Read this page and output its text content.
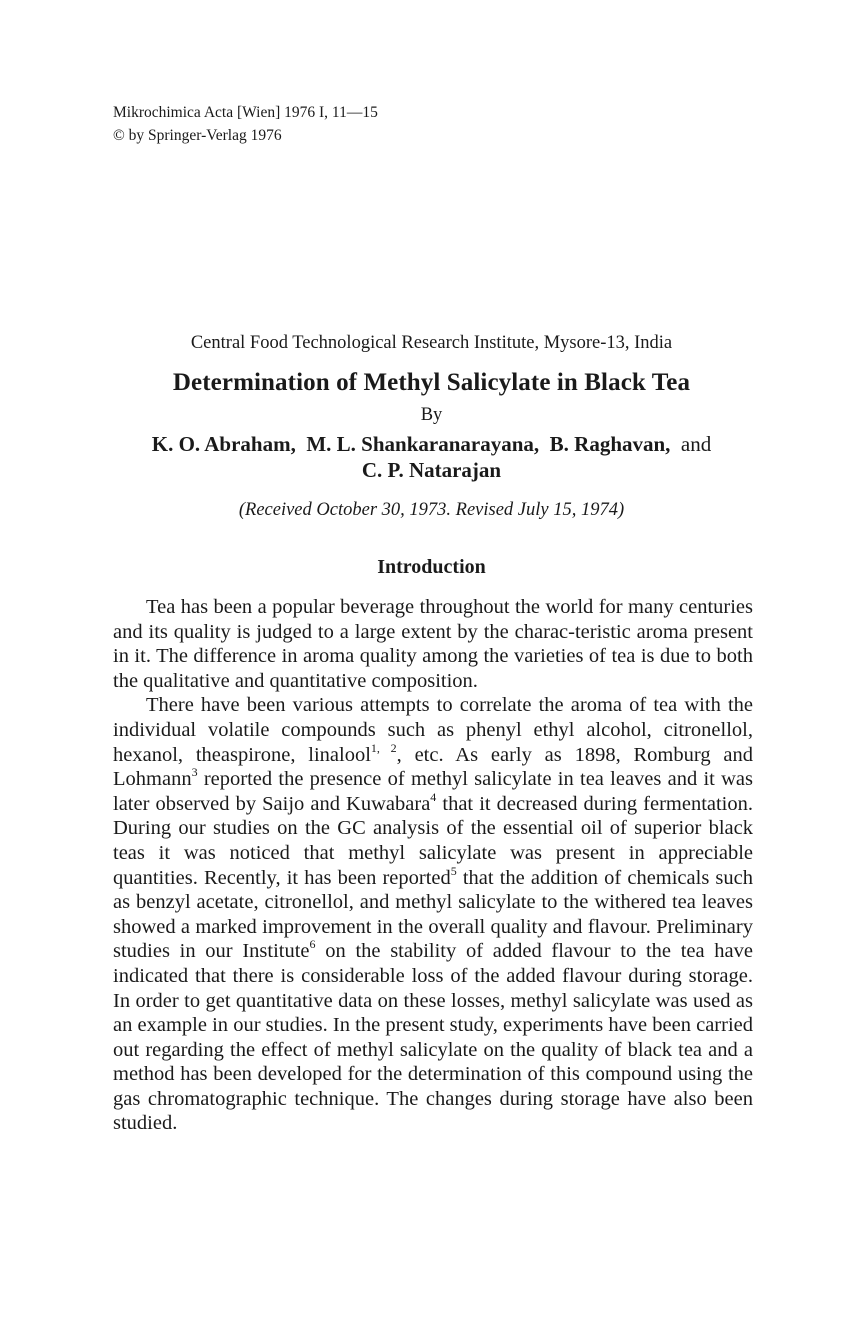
Mikrochimica Acta [Wien] 1976 I, 11—15
© by Springer-Verlag 1976
Central Food Technological Research Institute, Mysore-13, India
Determination of Methyl Salicylate in Black Tea
By
K. O. Abraham, M. L. Shankaranarayana, B. Raghavan, and
C. P. Natarajan
(Received October 30, 1973. Revised July 15, 1974)
Introduction

Tea has been a popular beverage throughout the world for many centuries and its quality is judged to a large extent by the charac-teristic aroma present in it. The difference in aroma quality among the varieties of tea is due to both the qualitative and quantitative composition.

There have been various attempts to correlate the aroma of tea with the individual volatile compounds such as phenyl ethyl alcohol, citronellol, hexanol, theaspirone, linalool$^{1, 2}$, etc. As early as 1898, Romburg and Lohmann$^3$ reported the presence of methyl salicylate in tea leaves and it was later observed by Saijo and Kuwabara$^4$ that it decreased during fermentation. During our studies on the GC analysis of the essential oil of superior black teas it was noticed that methyl salicylate was present in appreciable quantities. Recently, it has been reported$^5$ that the addition of chemicals such as benzyl acetate, citronellol, and methyl salicylate to the withered tea leaves showed a marked improvement in the overall quality and flavour. Preliminary studies in our Institute$^6$ on the stability of added flavour to the tea have indicated that there is considerable loss of the added flavour during storage. In order to get quantitative data on these losses, methyl salicylate was used as an example in our studies. In the present study, experiments have been carried out regarding the effect of methyl salicylate on the quality of black tea and a method has been developed for the determination of this compound using the gas chromatographic technique. The changes during storage have also been studied.
